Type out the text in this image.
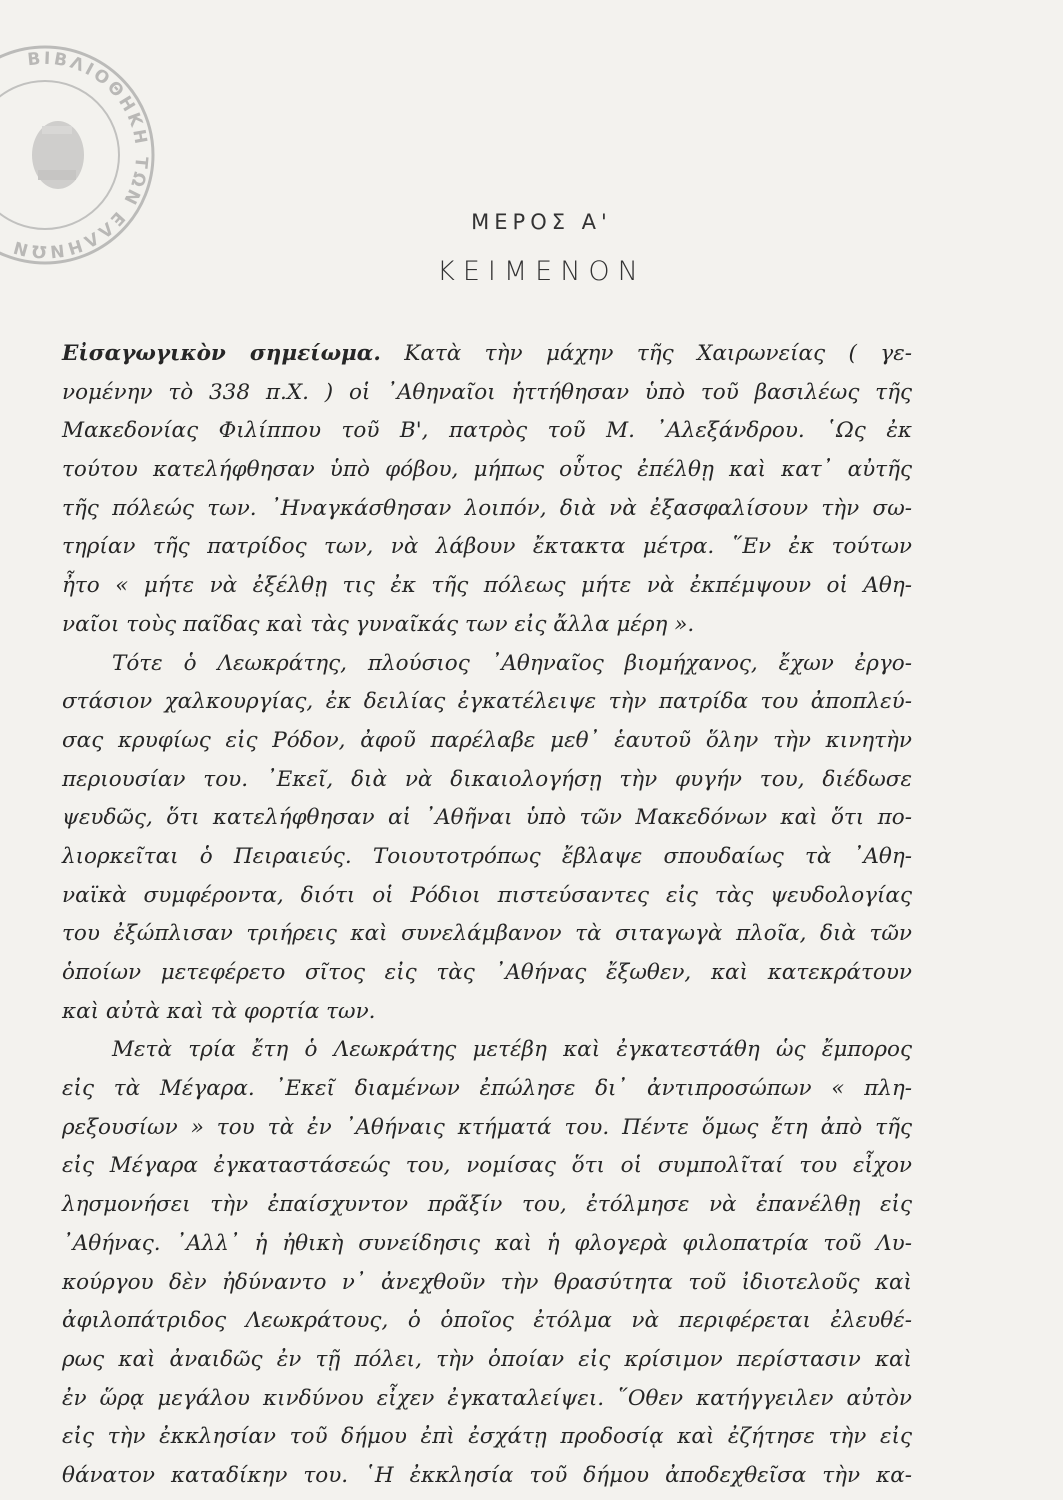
ΒΙΒΛΙΟΘΗΚΗ ΤΩΝ ΕΛΛΗΝΩΝ
ΜΕΡΟΣ Α'
ΚΕΙΜΕΝΟΝ
Εἰσαγωγικὸν σημείωμα. Κατὰ τὴν μάχην τῆς Χαιρωνείας ( γε-
νομένην τὸ 338 π.Χ. ) οἱ ᾿Αθηναῖοι ἡττήθησαν ὑπὸ τοῦ βασιλέως τῆς
Μακεδονίας Φιλίππου τοῦ Β', πατρὸς τοῦ Μ. ᾿Αλεξάνδρου. ῾Ως ἐκ
τούτου κατελήφθησαν ὑπὸ φόβου, μήπως οὗτος ἐπέλθῃ καὶ κατ᾿ αὐτῆς
τῆς πόλεώς των. ᾿Ηναγκάσθησαν λοιπόν, διὰ νὰ ἐξασφαλίσουν τὴν σω-
τηρίαν τῆς πατρίδος των, νὰ λάβουν ἔκτακτα μέτρα. ῞Εν ἐκ τούτων
ἦτο « μήτε νὰ ἐξέλθῃ τις ἐκ τῆς πόλεως μήτε νὰ ἐκπέμψουν οἱ Αθη-
ναῖοι τοὺς παῖδας καὶ τὰς γυναῖκάς των εἰς ἄλλα μέρη ».
Τότε ὁ Λεωκράτης, πλούσιος ᾿Αθηναῖος βιομήχανος, ἔχων ἐργο-
στάσιον χαλκουργίας, ἐκ δειλίας ἐγκατέλειψε τὴν πατρίδα του ἀποπλεύ-
σας κρυφίως εἰς Ρόδον, ἀφοῦ παρέλαβε μεθ᾿ ἑαυτοῦ ὅλην τὴν κινητὴν
περιουσίαν του. ᾿Εκεῖ, διὰ νὰ δικαιολογήσῃ τὴν φυγήν του, διέδωσε
ψευδῶς, ὅτι κατελήφθησαν αἱ ᾿Αθῆναι ὑπὸ τῶν Μακεδόνων καὶ ὅτι πο-
λιορκεῖται ὁ Πειραιεύς. Τοιουτοτρόπως ἔβλαψε σπουδαίως τὰ ᾿Αθη-
ναϊκὰ συμφέροντα, διότι οἱ Ρόδιοι πιστεύσαντες εἰς τὰς ψευδολογίας
του ἐξώπλισαν τριήρεις καὶ συνελάμβανον τὰ σιταγωγὰ πλοῖα, διὰ τῶν
ὁποίων μετεφέρετο σῖτος εἰς τὰς ᾿Αθήνας ἔξωθεν, καὶ κατεκράτουν
καὶ αὐτὰ καὶ τὰ φορτία των.
Μετὰ τρία ἔτη ὁ Λεωκράτης μετέβη καὶ ἐγκατεστάθη ὡς ἔμπορος
εἰς τὰ Μέγαρα. ᾿Εκεῖ διαμένων ἐπώλησε δι᾿ ἀντιπροσώπων « πλη-
ρεξουσίων » του τὰ ἐν ᾿Αθήναις κτήματά του. Πέντε ὅμως ἔτη ἀπὸ τῆς
εἰς Μέγαρα ἐγκαταστάσεώς του, νομίσας ὅτι οἱ συμπολῖταί του εἶχον
λησμονήσει τὴν ἐπαίσχυντον πρᾶξίν του, ἐτόλμησε νὰ ἐπανέλθῃ εἰς
᾿Αθήνας. ᾿Αλλ᾿ ἡ ἠθικὴ συνείδησις καὶ ἡ φλογερὰ φιλοπατρία τοῦ Λυ-
κούργου δὲν ἠδύναντο ν᾿ ἀνεχθοῦν τὴν θρασύτητα τοῦ ἰδιοτελοῦς καὶ
ἀφιλοπάτριδος Λεωκράτους, ὁ ὁποῖος ἐτόλμα νὰ περιφέρεται ἐλευθέ-
ρως καὶ ἀναιδῶς ἐν τῇ πόλει, τὴν ὁποίαν εἰς κρίσιμον περίστασιν καὶ
ἐν ὥρᾳ μεγάλου κινδύνου εἶχεν ἐγκαταλείψει. ῞Οθεν κατήγγειλεν αὐτὸν
εἰς τὴν ἐκκλησίαν τοῦ δήμου ἐπὶ ἐσχάτῃ προδοσίᾳ καὶ ἐζήτησε τὴν εἰς
θάνατον καταδίκην του. ῾Η ἐκκλησία τοῦ δήμου ἀποδεχθεῖσα τὴν κα-
